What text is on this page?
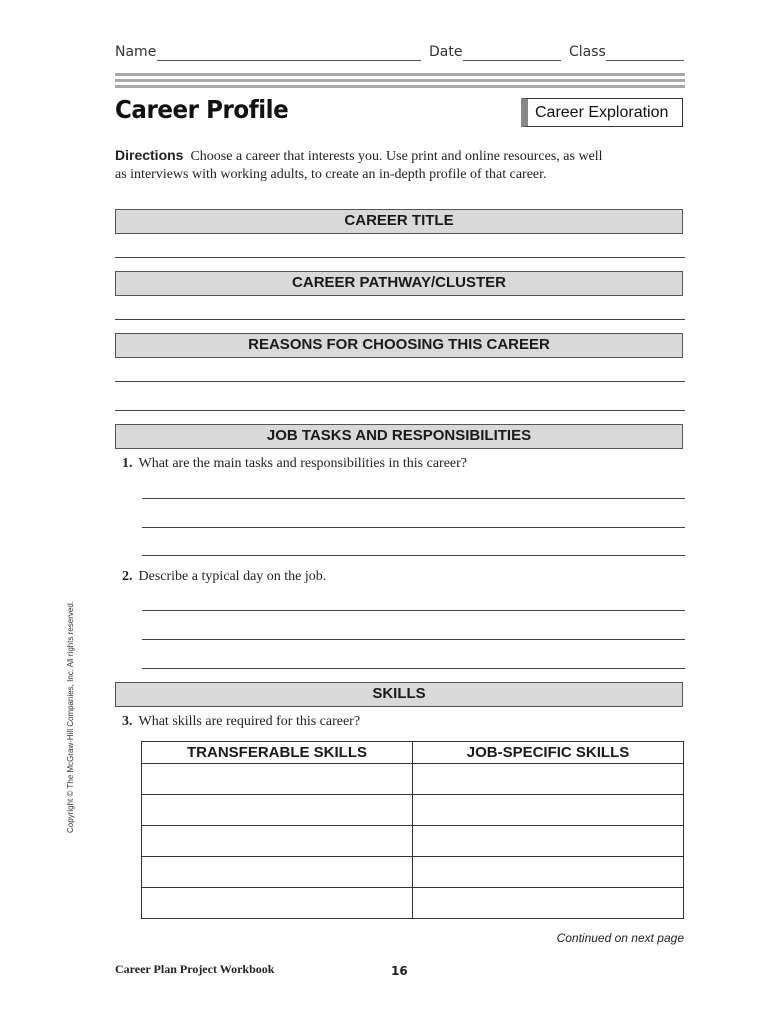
Name	Date	Class
Career Profile	Career Exploration
Directions Choose a career that interests you. Use print and online resources, as well as interviews with working adults, to create an in-depth profile of that career.
CAREER TITLE
CAREER PATHWAY/CLUSTER
REASONS FOR CHOOSING THIS CAREER
JOB TASKS AND RESPONSIBILITIES
1. What are the main tasks and responsibilities in this career?
2. Describe a typical day on the job.
SKILLS
3. What skills are required for this career?
TRANSFERABLE SKILLS	JOB-SPECIFIC SKILLS

Continued on next page
Career Plan Project Workbook	16
Copyright © The McGraw-Hill Companies, Inc. All rights reserved.
